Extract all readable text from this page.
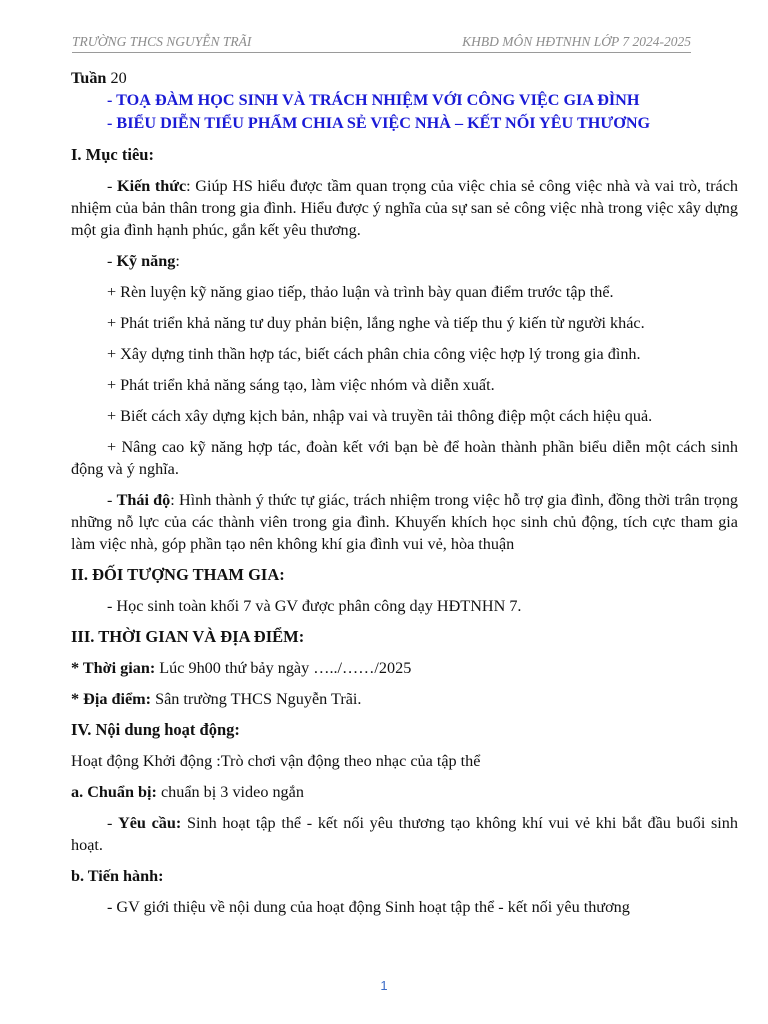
TRƯỜNG THCS NGUYỄN TRÃI	KHBD MÔN HĐTNHN LỚP 7 2024-2025

Tuần 20

- TOẠ ĐÀM HỌC SINH VÀ TRÁCH NHIỆM VỚI CÔNG VIỆC GIA ĐÌNH

- BIỂU DIỄN TIỂU PHẨM CHIA SẺ VIỆC NHÀ – KẾT NỐI YÊU THƯƠNG

I. Mục tiêu:

- Kiến thức: Giúp HS hiểu được tầm quan trọng của việc chia sẻ công việc nhà và vai trò, trách nhiệm của bản thân trong gia đình. Hiểu được ý nghĩa của sự san sẻ công việc nhà trong việc xây dựng một gia đình hạnh phúc, gắn kết yêu thương.

- Kỹ năng:

+ Rèn luyện kỹ năng giao tiếp, thảo luận và trình bày quan điểm trước tập thể.

+ Phát triển khả năng tư duy phản biện, lắng nghe và tiếp thu ý kiến từ người khác.

+ Xây dựng tinh thần hợp tác, biết cách phân chia công việc hợp lý trong gia đình.

+ Phát triển khả năng sáng tạo, làm việc nhóm và diễn xuất.

+ Biết cách xây dựng kịch bản, nhập vai và truyền tải thông điệp một cách hiệu quả.

+ Nâng cao kỹ năng hợp tác, đoàn kết với bạn bè để hoàn thành phần biểu diễn một cách sinh động và ý nghĩa.

- Thái độ: Hình thành ý thức tự giác, trách nhiệm trong việc hỗ trợ gia đình, đồng thời trân trọng những nỗ lực của các thành viên trong gia đình. Khuyến khích học sinh chủ động, tích cực tham gia làm việc nhà, góp phần tạo nên không khí gia đình vui vẻ, hòa thuận

II. ĐỐI TƯỢNG THAM GIA:

- Học sinh toàn khối 7 và GV được phân công dạy HĐTNHN 7.

III. THỜI GIAN VÀ ĐỊA ĐIỂM:

* Thời gian: Lúc 9h00 thứ bảy ngày …../……/2025

* Địa điểm: Sân trường THCS Nguyễn Trãi.

IV. Nội dung hoạt động:

Hoạt động Khởi động :Trò chơi vận động theo nhạc của tập thể

a. Chuẩn bị: chuẩn bị 3 video ngắn

- Yêu cầu: Sinh hoạt tập thể - kết nối yêu thương tạo không khí vui vẻ khi bắt đầu buổi sinh hoạt.

b. Tiến hành:

- GV giới thiệu về nội dung của hoạt động Sinh hoạt tập thể - kết nối yêu thương

1
